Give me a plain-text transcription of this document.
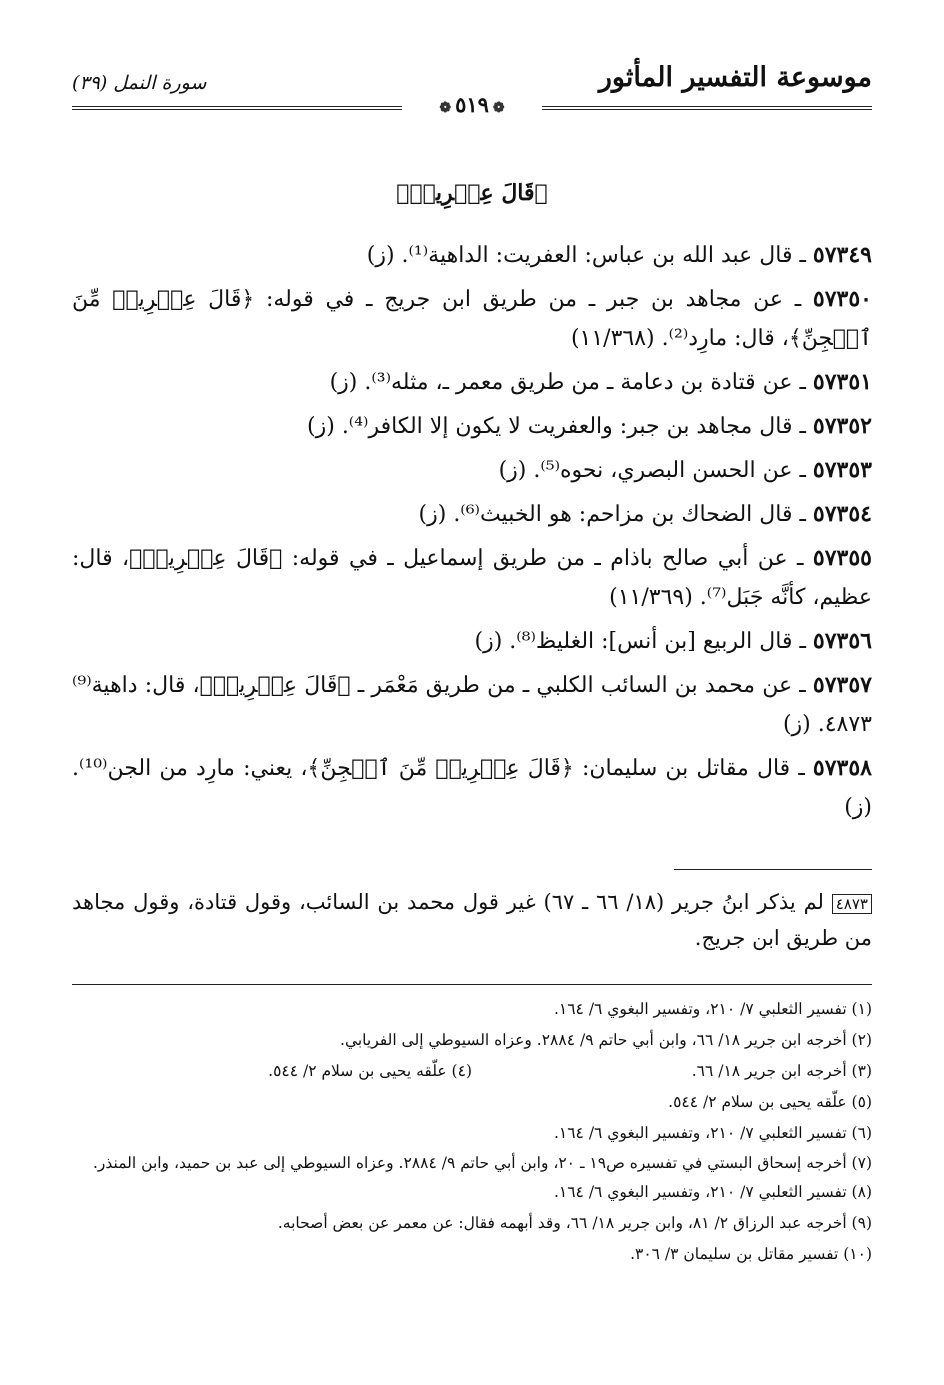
موسوعة التفسير المأثور
سورة النمل (٣٩)
❁٥١٩❁
﴿قَالَ عِفۡرِيتٞ﴾
٥٧٣٤٩ ـ قال عبد الله بن عباس: العفريت: الداهية⁽¹⁾. (ز)
٥٧٣٥٠ ـ عن مجاهد بن جبر ـ من طريق ابن جريج ـ في قوله: ﴿قَالَ عِفۡرِيتٞ مِّنَ ٱلۡجِنِّ﴾، قال: مارِد⁽²⁾. (١١/٣٦٨)
٥٧٣٥١ ـ عن قتادة بن دعامة ـ من طريق معمر ـ، مثله⁽³⁾. (ز)
٥٧٣٥٢ ـ قال مجاهد بن جبر: والعفريت لا يكون إلا الكافر⁽⁴⁾. (ز)
٥٧٣٥٣ ـ عن الحسن البصري، نحوه⁽⁵⁾. (ز)
٥٧٣٥٤ ـ قال الضحاك بن مزاحم: هو الخبيث⁽⁶⁾. (ز)
٥٧٣٥٥ ـ عن أبي صالح باذام ـ من طريق إسماعيل ـ في قوله: ﴿قَالَ عِفۡرِيتٞ﴾، قال: عظيم، كأنَّه جَبَل⁽⁷⁾. (١١/٣٦٩)
٥٧٣٥٦ ـ قال الربيع [بن أنس]: الغليظ⁽⁸⁾. (ز)
٥٧٣٥٧ ـ عن محمد بن السائب الكلبي ـ من طريق مَعْمَر ـ ﴿قَالَ عِفۡرِيتٞ﴾، قال: داهية⁽⁹⁾ ٤٨٧٣. (ز)
٥٧٣٥٨ ـ قال مقاتل بن سليمان: ﴿قَالَ عِفۡرِيتٞ مِّنَ ٱلۡجِنِّ﴾، يعني: مارِد من الجن⁽¹⁰⁾. (ز)
٤٨٧٣ لم يذكر ابنُ جرير (١٨/ ٦٦ ـ ٦٧) غير قول محمد بن السائب، وقول قتادة، وقول مجاهد من طريق ابن جريج.
(١) تفسير الثعلبي ٧/ ٢١٠، وتفسير البغوي ٦/ ١٦٤.
(٢) أخرجه ابن جرير ١٨/ ٦٦، وابن أبي حاتم ٩/ ٢٨٨٤. وعزاه السيوطي إلى الفريابي.
(٣) أخرجه ابن جرير ١٨/ ٦٦.
(٤) علّقه يحيى بن سلام ٢/ ٥٤٤.
(٥) علّقه يحيى بن سلام ٢/ ٥٤٤.
(٦) تفسير الثعلبي ٧/ ٢١٠، وتفسير البغوي ٦/ ١٦٤.
(٧) أخرجه إسحاق البستي في تفسيره ص١٩ ـ ٢٠، وابن أبي حاتم ٩/ ٢٨٨٤. وعزاه السيوطي إلى عبد بن حميد، وابن المنذر.
(٨) تفسير الثعلبي ٧/ ٢١٠، وتفسير البغوي ٦/ ١٦٤.
(٩) أخرجه عبد الرزاق ٢/ ٨١، وابن جرير ١٨/ ٦٦، وقد أبهمه فقال: عن معمر عن بعض أصحابه.
(١٠) تفسير مقاتل بن سليمان ٣/ ٣٠٦.
